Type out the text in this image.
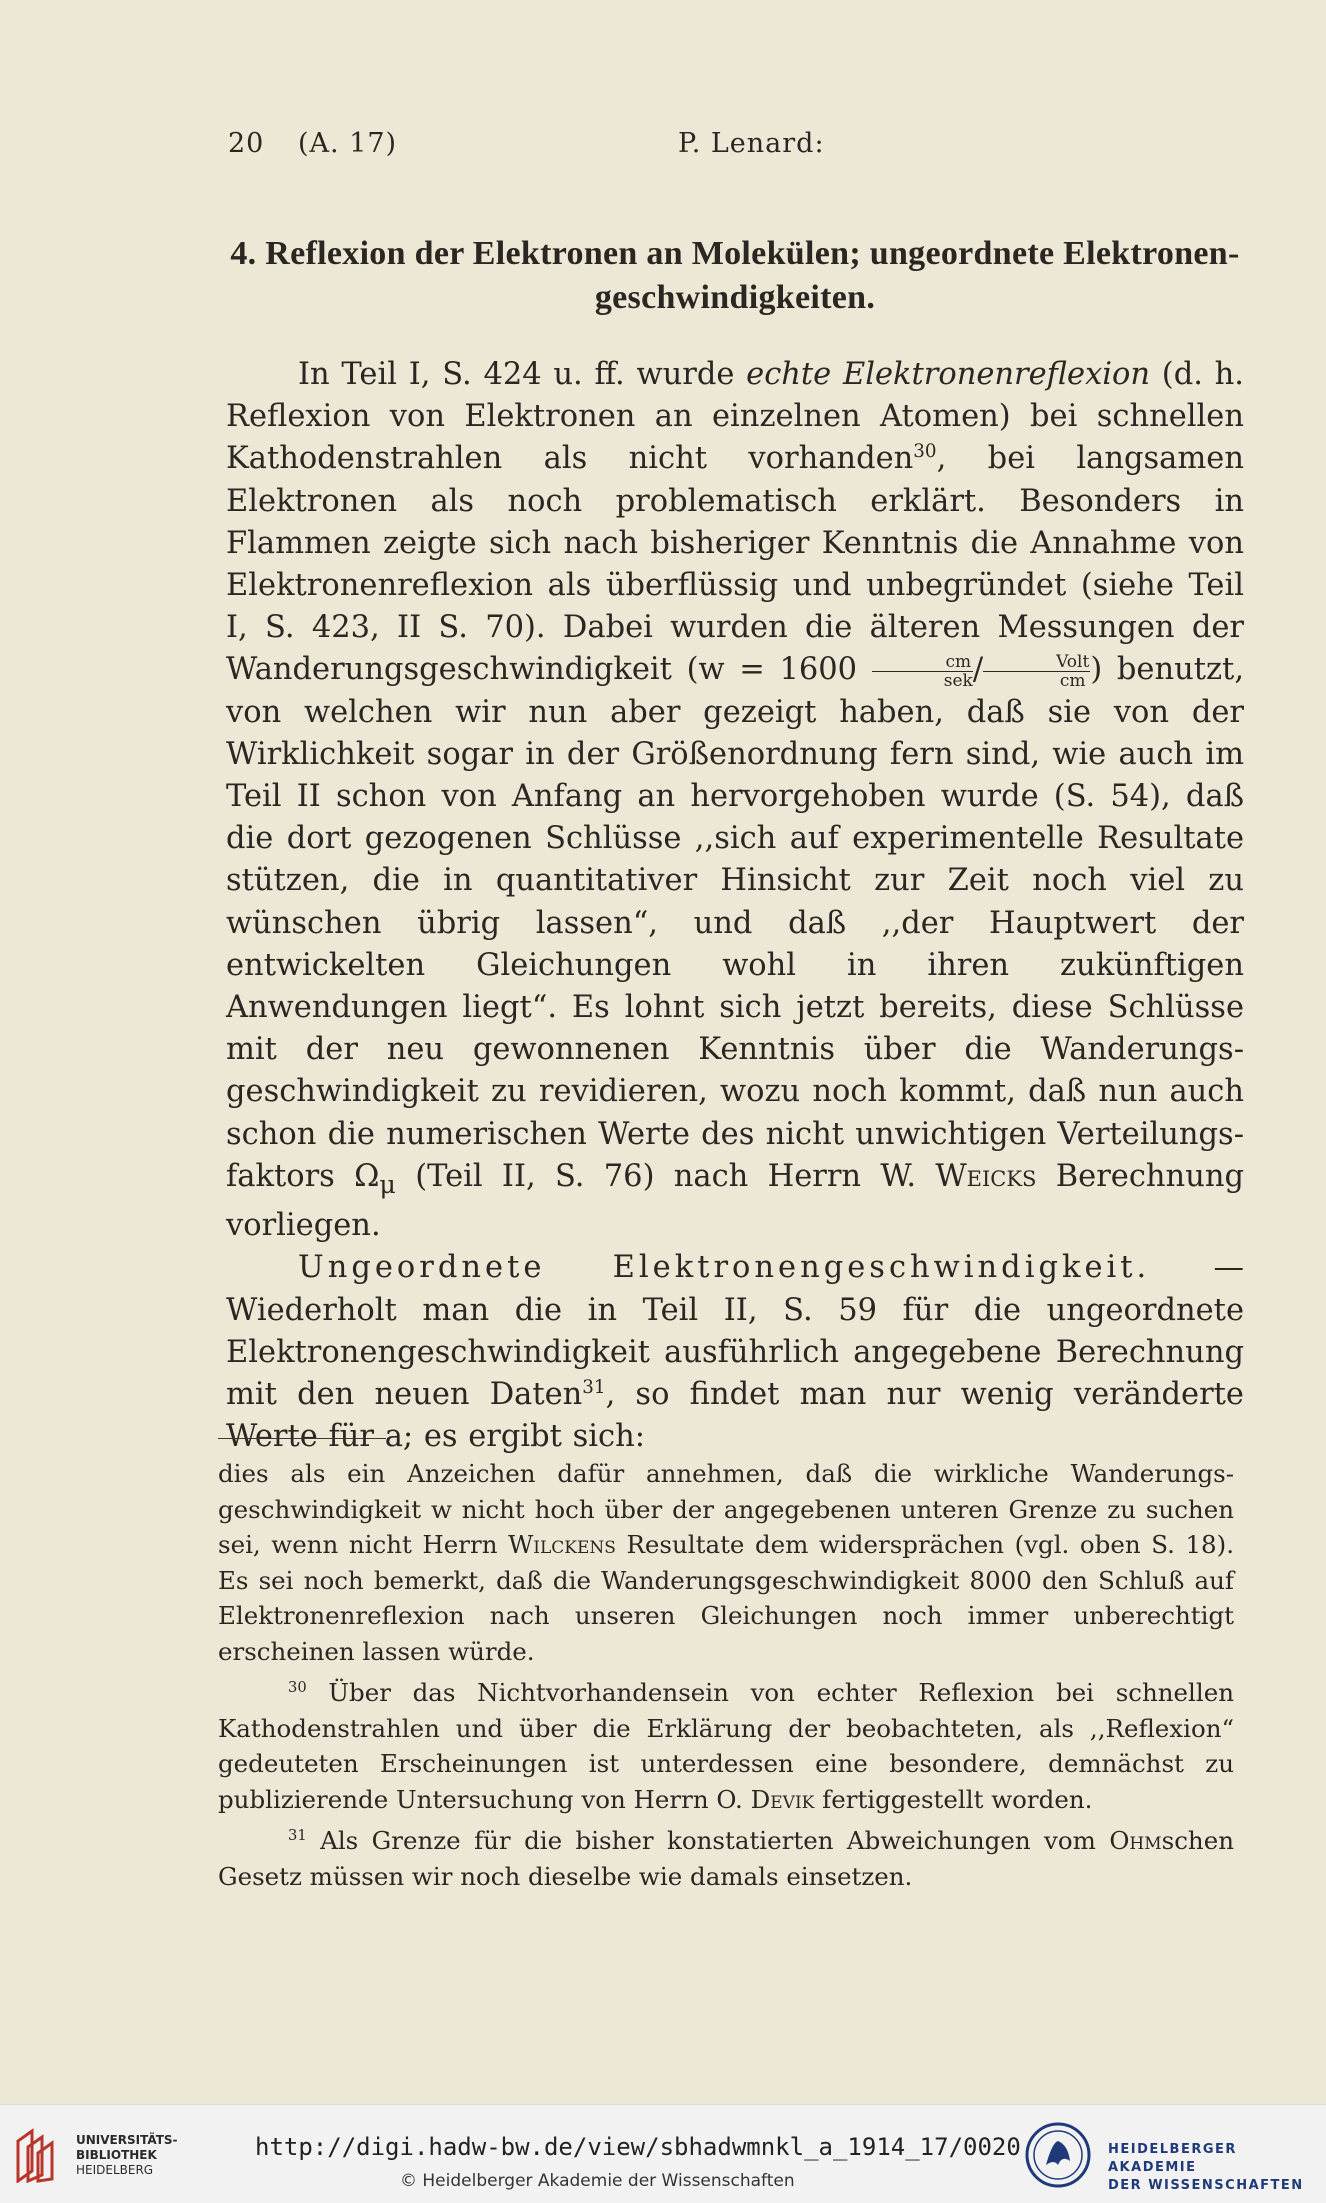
20 (A. 17)	P. Lenard:
4. Reflexion der Elektronen an Molekülen; ungeordnete Elektronen-geschwindigkeiten.

In Teil I, S. 424 u. ff. wurde echte Elektronenreflexion (d. h. Reflexion von Elektronen an einzelnen Atomen) bei schnellen Kathodenstrahlen als nicht vorhanden$^{30}$, bei langsamen Elektronen als noch problematisch erklärt. Besonders in Flammen zeigte sich nach bisheriger Kenntnis die Annahme von Elektronenreflexion als überflüssig und unbegründet (siehe Teil I, S. 423, II S. 70). Dabei wurden die älteren Messungen der Wanderungsgeschwindigkeit ($w = 1600 \frac{cm}{\text{sek}} / \frac{\text{Volt}}{cm}$ ) benutzt, von welchen wir nun aber gezeigt haben, daß sie von der Wirklichkeit sogar in der Größenordnung fern sind, wie auch im Teil II schon von Anfang an hervorgehoben wurde (S. 54), daß die dort gezogenen Schlüsse ,,sich auf experimentelle Resultate stützen, die in quantitativer Hinsicht zur Zeit noch viel zu wünschen übrig lassen“, und daß ,,der Hauptwert der entwickelten Gleichungen wohl in ihren zukünftigen Anwendungen liegt“. Es lohnt sich jetzt bereits, diese Schlüsse mit der neu gewonnenen Kenntnis über die Wanderungsgeschwindigkeit zu revidieren, wozu noch kommt, daß nun auch schon die numerischen Werte des nicht unwichtigen Verteilungsfaktors $\Omega_\mu$ (Teil II, S. 76) nach Herrn W. Weicks Berechnung vorliegen.

Ungeordnete Elektronengeschwindigkeit. — Wiederholt man die in Teil II, S. 59 für die ungeordnete Elektronengeschwindigkeit ausführlich angegebene Berechnung mit den neuen Daten$^{31}$, so findet man nur wenig veränderte Werte für a; es ergibt sich:

dies als ein Anzeichen dafür annehmen, daß die wirkliche Wanderungsgeschwindigkeit w nicht hoch über der angegebenen unteren Grenze zu suchen sei, wenn nicht Herrn Wilckens Resultate dem widersprächen (vgl. oben S. 18). Es sei noch bemerkt, daß die Wanderungsgeschwindigkeit 8000 den Schluß auf Elektronenreflexion nach unseren Gleichungen noch immer unberechtigt erscheinen lassen würde.

$^{30}$ Über das Nichtvorhandensein von echter Reflexion bei schnellen Kathodenstrahlen und über die Erklärung der beobachteten, als ,,Reflexion“ gedeuteten Erscheinungen ist unterdessen eine besondere, demnächst zu publizierende Untersuchung von Herrn O. Devik fertiggestellt worden.

$^{31}$ Als Grenze für die bisher konstatierten Abweichungen vom Ohmschen Gesetz müssen wir noch dieselbe wie damals einsetzen.

UNIVERSITÄTS-
BIBLIOTHEK
HEIDELBERG
http://digi.hadw-bw.de/view/sbhadwmnkl_a_1914_17/0020
© Heidelberger Akademie der Wissenschaften
HEIDELBERGER AKADEMIE
DER WISSENSCHAFTEN
